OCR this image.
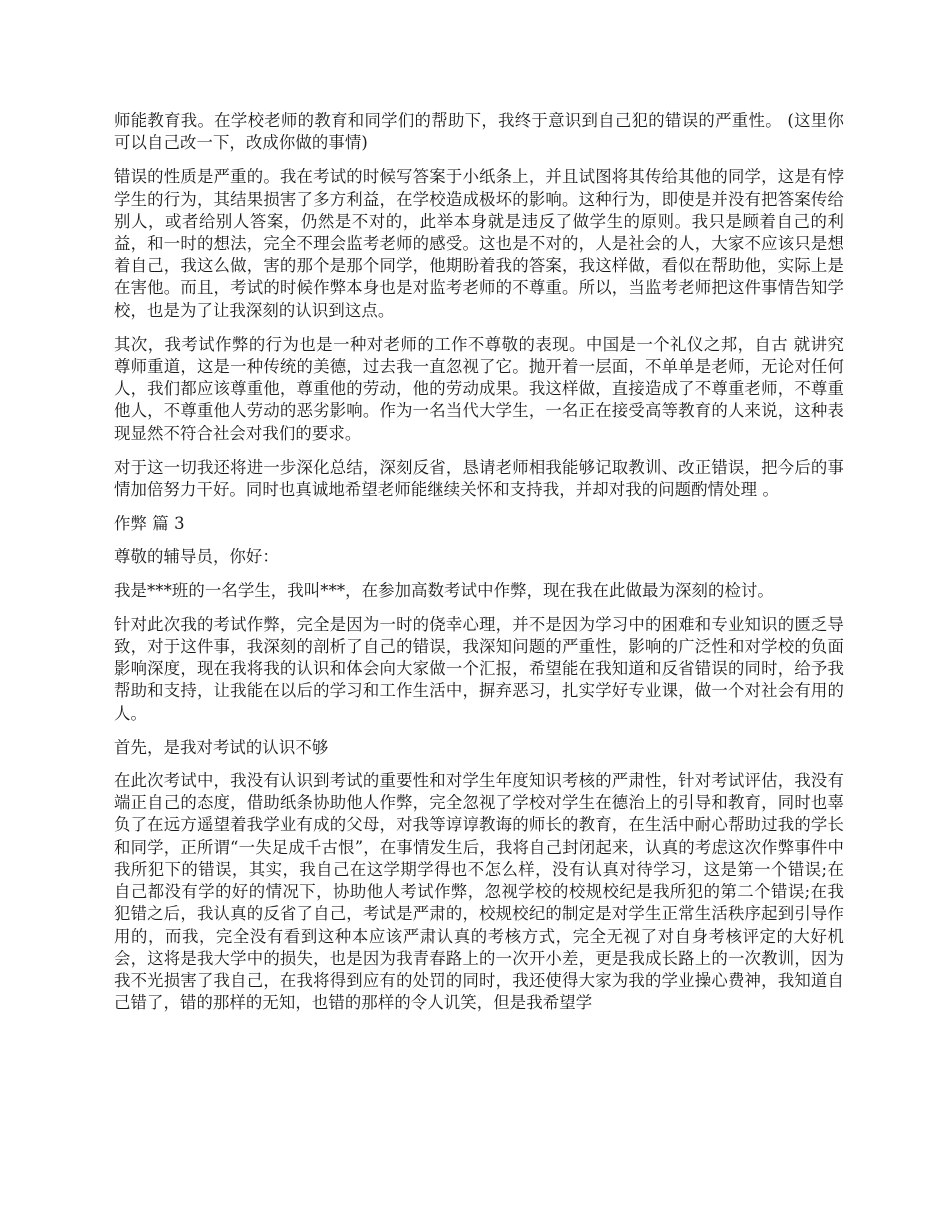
师能教育我。在学校老师的教育和同学们的帮助下，我终于意识到自己犯的错误的严重性。 (这里你可以自己改一下，改成你做的事情)

错误的性质是严重的。我在考试的时候写答案于小纸条上，并且试图将其传给其他的同学，这是有悖学生的行为，其结果损害了多方利益，在学校造成极坏的影响。这种行为，即使是并没有把答案传给别人，或者给别人答案，仍然是不对的，此举本身就是违反了做学生的原则。我只是顾着自己的利益，和一时的想法，完全不理会监考老师的感受。这也是不对的，人是社会的人，大家不应该只是想着自己，我这么做，害的那个是那个同学，他期盼着我的答案，我这样做，看似在帮助他，实际上是在害他。而且，考试的时候作弊本身也是对监考老师的不尊重。所以，当监考老师把这件事情告知学校，也是为了让我深刻的认识到这点。

其次，我考试作弊的行为也是一种对老师的工作不尊敬的表现。中国是一个礼仪之邦，自古 就讲究尊师重道，这是一种传统的美德，过去我一直忽视了它。抛开着一层面，不单单是老师，无论对任何人，我们都应该尊重他，尊重他的劳动，他的劳动成果。我这样做，直接造成了不尊重老师，不尊重他人，不尊重他人劳动的恶劣影响。作为一名当代大学生，一名正在接受高等教育的人来说，这种表现显然不符合社会对我们的要求。

对于这一切我还将进一步深化总结，深刻反省，恳请老师相我能够记取教训、改正错误，把今后的事情加倍努力干好。同时也真诚地希望老师能继续关怀和支持我，并却对我的问题酌情处理 。

作弊 篇 3

尊敬的辅导员，你好：

我是***班的一名学生，我叫***，在参加高数考试中作弊，现在我在此做最为深刻的检讨。

针对此次我的考试作弊，完全是因为一时的侥幸心理，并不是因为学习中的困难和专业知识的匮乏导致，对于这件事，我深刻的剖析了自己的错误，我深知问题的严重性，影响的广泛性和对学校的负面影响深度，现在我将我的认识和体会向大家做一个汇报，希望能在我知道和反省错误的同时，给予我帮助和支持，让我能在以后的学习和工作生活中，摒弃恶习，扎实学好专业课，做一个对社会有用的人。

首先，是我对考试的认识不够

在此次考试中，我没有认识到考试的重要性和对学生年度知识考核的严肃性，针对考试评估，我没有端正自己的态度，借助纸条协助他人作弊，完全忽视了学校对学生在德治上的引导和教育，同时也辜负了在远方遥望着我学业有成的父母，对我等谆谆教诲的师长的教育，在生活中耐心帮助过我的学长和同学，正所谓“一失足成千古恨”，在事情发生后，我将自己封闭起来，认真的考虑这次作弊事件中我所犯下的错误，其实，我自己在这学期学得也不怎么样，没有认真对待学习，这是第一个错误;在自己都没有学的好的情况下，协助他人考试作弊，忽视学校的校规校纪是我所犯的第二个错误;在我犯错之后，我认真的反省了自己，考试是严肃的，校规校纪的制定是对学生正常生活秩序起到引导作用的，而我，完全没有看到这种本应该严肃认真的考核方式，完全无视了对自身考核评定的大好机会，这将是我大学中的损失，也是因为我青春路上的一次开小差，更是我成长路上的一次教训，因为我不光损害了我自己，在我将得到应有的处罚的同时，我还使得大家为我的学业操心费神，我知道自己错了，错的那样的无知，也错的那样的令人讥笑，但是我希望学
